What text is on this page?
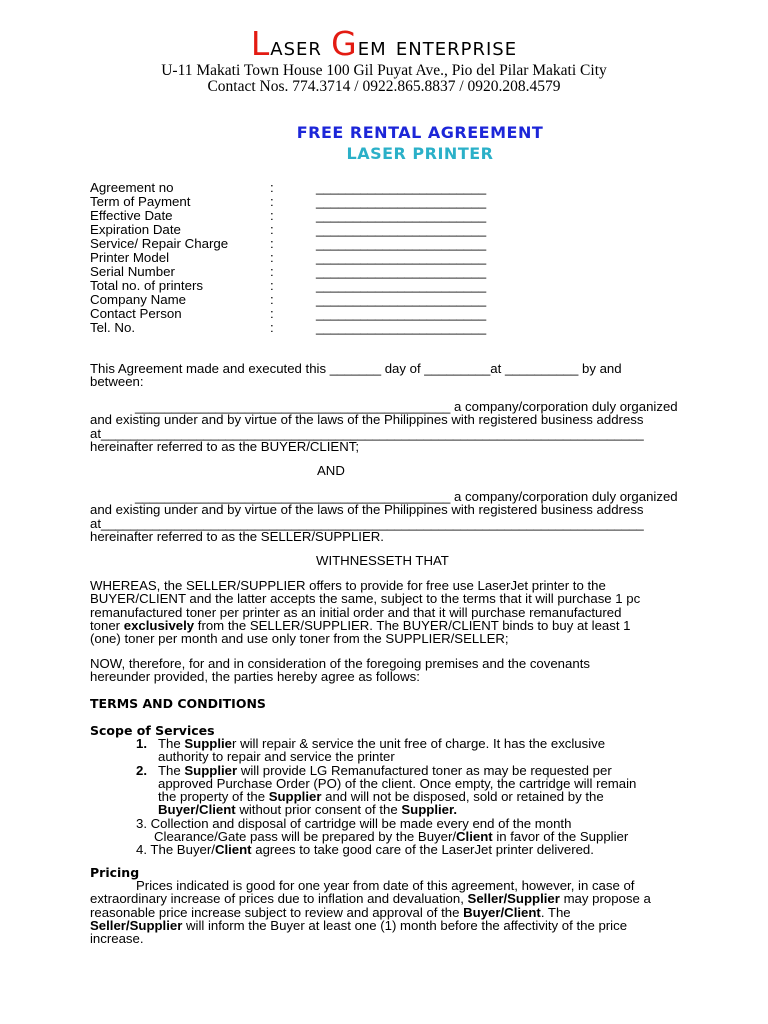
Laser Gem enterprise
U-11 Makati Town House 100 Gil Puyat Ave., Pio del Pilar Makati City
Contact Nos. 774.3714 / 0922.865.8837 / 0920.208.4579
FREE RENTAL AGREEMENT
LASER PRINTER
Agreement no	:	_______________________
Term of Payment	:	_______________________
Effective Date	:	_______________________
Expiration Date	:	_______________________
Service/ Repair Charge	:	_______________________
Printer Model	:	_______________________
Serial Number	:	_______________________
Total no. of printers	:	_______________________
Company Name	:	_______________________
Contact Person	:	_______________________
Tel. No.	:	_______________________
This Agreement made and executed this _______ day of _________at __________ by and
between:
___________________________________________ a company/corporation duly organized
and existing under and by virtue of the laws of the Philippines with registered business address
at__________________________________________________________________________
hereinafter referred to as the BUYER/CLIENT;
AND
___________________________________________ a company/corporation duly organized
and existing under and by virtue of the laws of the Philippines with registered business address
at__________________________________________________________________________
hereinafter referred to as the SELLER/SUPPLIER.
WITHNESSETH THAT
WHEREAS, the SELLER/SUPPLIER offers to provide for free use LaserJet printer to the
BUYER/CLIENT and the latter accepts the same, subject to the terms that it will purchase 1 pc
remanufactured toner per printer as an initial order and that it will purchase remanufactured
toner exclusively from the SELLER/SUPPLIER. The BUYER/CLIENT binds to buy at least 1
(one) toner per month and use only toner from the SUPPLIER/SELLER;
NOW, therefore, for and in consideration of the foregoing premises and the covenants
hereunder provided, the parties hereby agree as follows:
TERMS AND CONDITIONS
Scope of Services
1. The Supplier will repair & service the unit free of charge. It has the exclusive
authority to repair and service the printer
2. The Supplier will provide LG Remanufactured toner as may be requested per
approved Purchase Order (PO) of the client. Once empty, the cartridge will remain
the property of the Supplier and will not be disposed, sold or retained by the
Buyer/Client without prior consent of the Supplier.
3. Collection and disposal of cartridge will be made every end of the month
Clearance/Gate pass will be prepared by the Buyer/Client in favor of the Supplier
4. The Buyer/Client agrees to take good care of the LaserJet printer delivered.
Pricing
Prices indicated is good for one year from date of this agreement, however, in case of
extraordinary increase of prices due to inflation and devaluation, Seller/Supplier may propose a
reasonable price increase subject to review and approval of the Buyer/Client. The
Seller/Supplier will inform the Buyer at least one (1) month before the affectivity of the price
increase.
